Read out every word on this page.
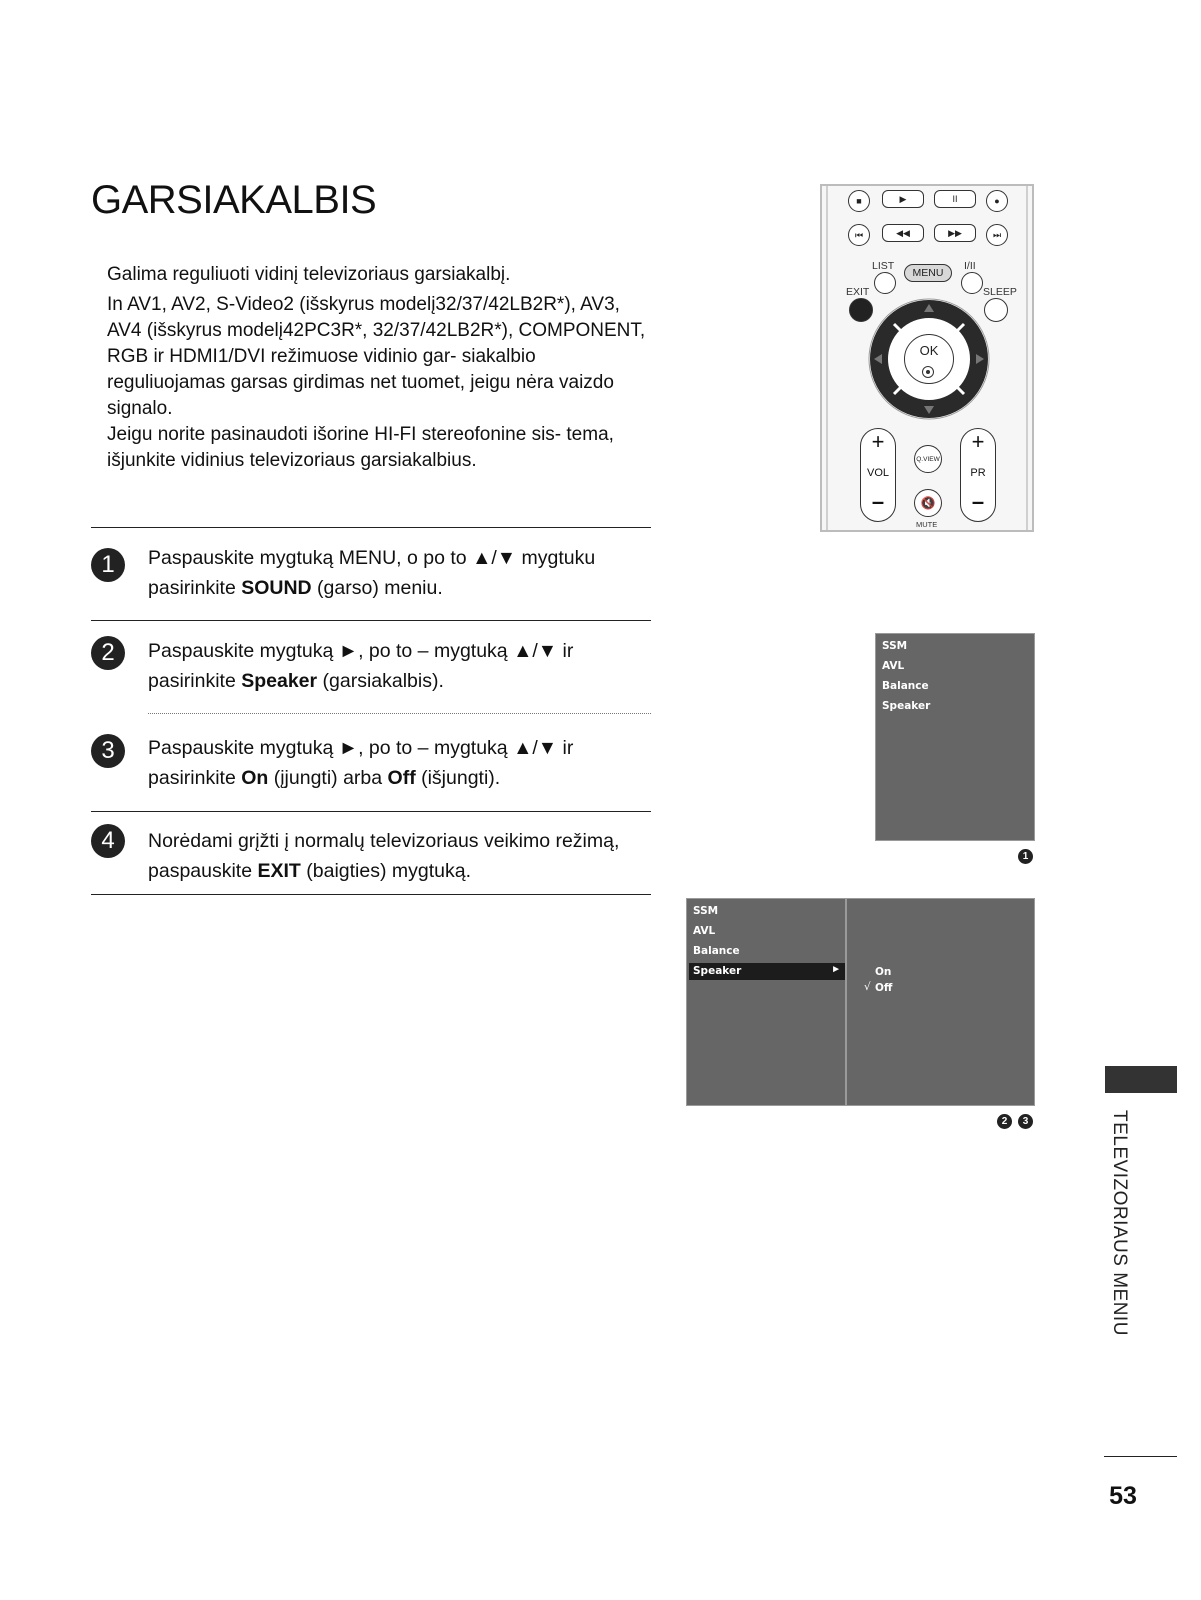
GARSIAKALBIS
Galima reguliuoti vidinį televizoriaus garsiakalbį.
In AV1, AV2, S-Video2 (išskyrus modelį32/37/42LB2R*), AV3, AV4 (išskyrus modelį42PC3R*, 32/37/42LB2R*), COMPONENT, RGB ir HDMI1/DVI režimuose vidinio gar- siakalbio reguliuojamas garsas girdimas net tuomet, jeigu nėra vaizdo signalo.
Jeigu norite pasinaudoti išorine HI-FI stereofonine sis- tema, išjunkite vidinius televizoriaus garsiakalbius.
1	Paspauskite mygtuką MENU, o po to ▲/▼ mygtuku pasirinkite SOUND (garso) meniu.
2	Paspauskite mygtuką ►, po to – mygtuką ▲/▼ ir pasirinkite Speaker (garsiakalbis).
3	Paspauskite mygtuką ►, po to – mygtuką ▲/▼ ir pasirinkite On (įjungti) arba Off (išjungti).
4	Norėdami grįžti į normalų televizoriaus veikimo režimą, paspauskite EXIT (baigties) mygtuką.
■	▶	II	●
⏮	◀◀	▶▶	⏭
LIST
MENU
I/II
EXIT	SLEEP
OK
+
VOL
–
+
PR
–
Q.VIEW
🔇
MUTE
SSM
AVL
Balance
Speaker
1
SSM
AVL
Balance
Speaker	►	On
√ Off
2	3	TELEVIZORIAUS MENIU
53
